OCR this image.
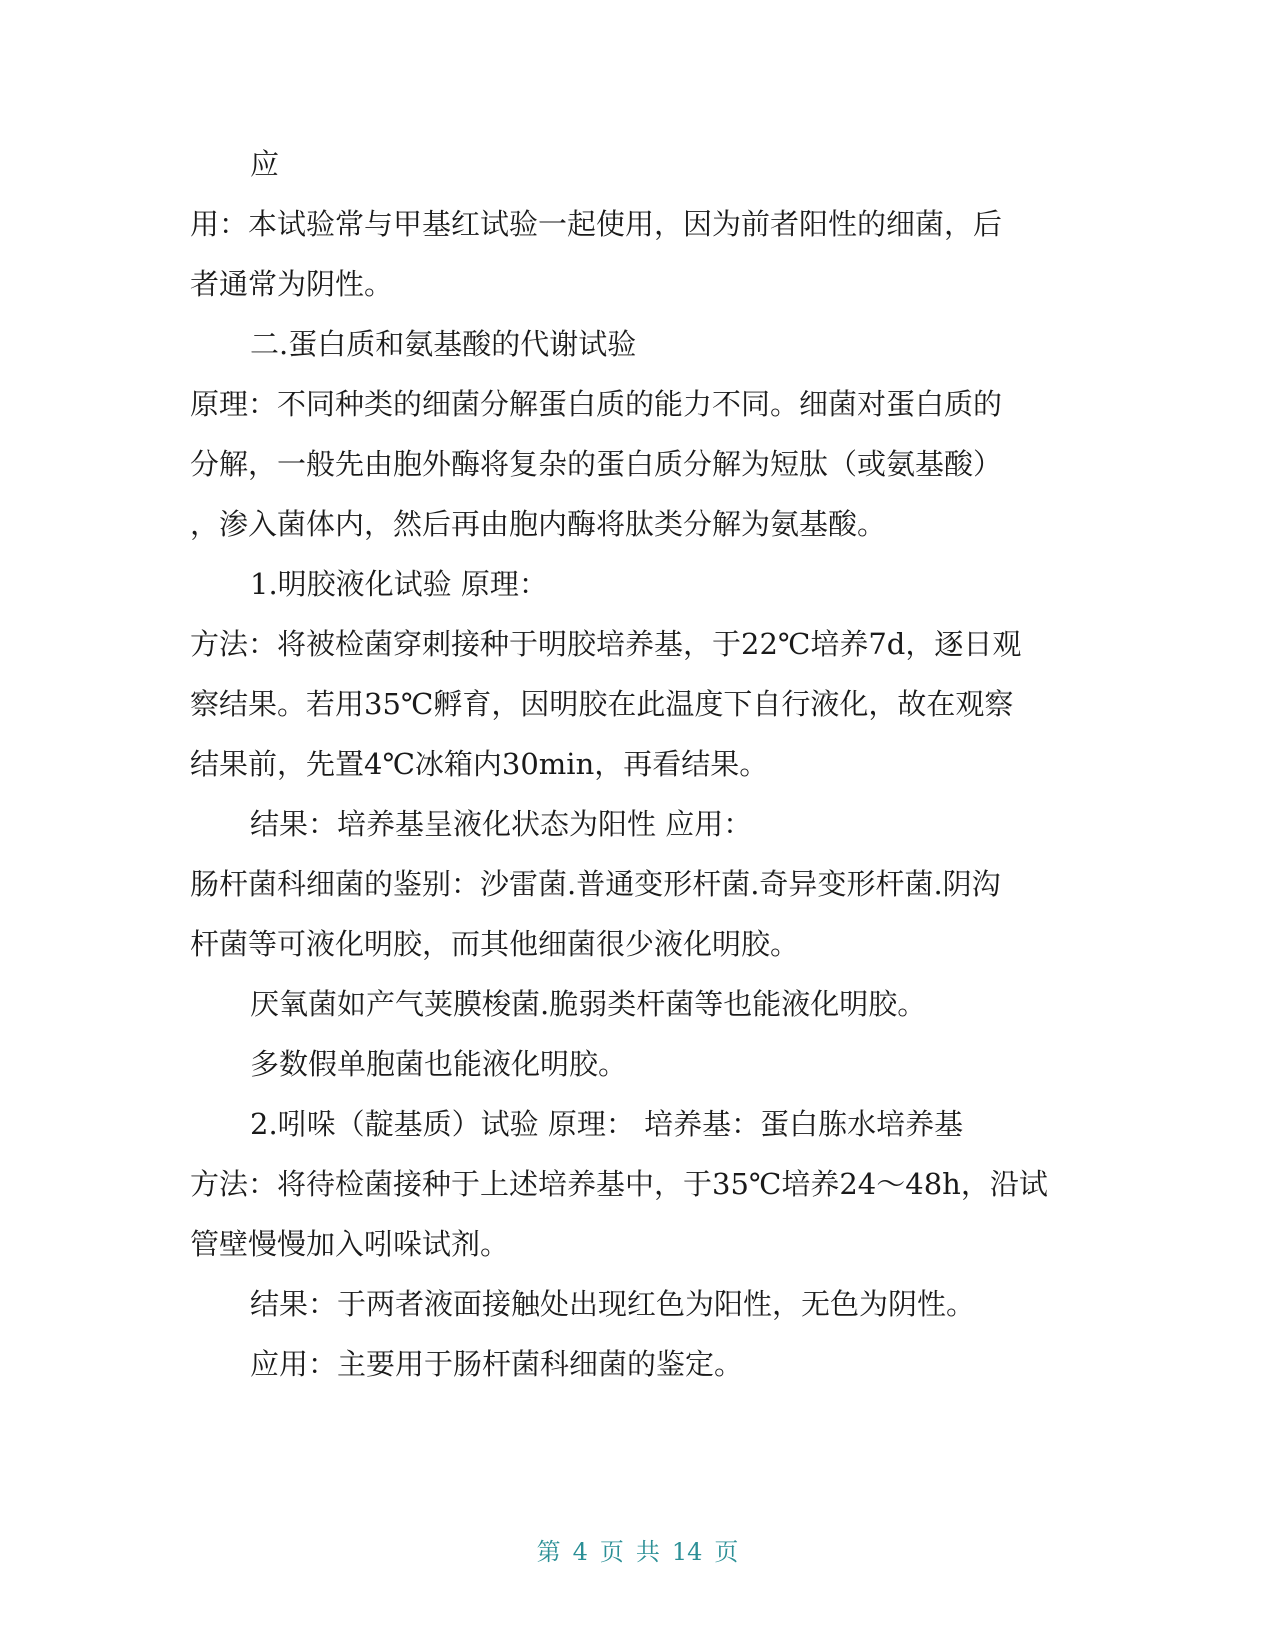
应
用：本试验常与甲基红试验一起使用，因为前者阳性的细菌，后
者通常为阴性。
二.蛋白质和氨基酸的代谢试验
原理：不同种类的细菌分解蛋白质的能力不同。细菌对蛋白质的
分解，一般先由胞外酶将复杂的蛋白质分解为短肽（或氨基酸）
，渗入菌体内，然后再由胞内酶将肽类分解为氨基酸。
1.明胶液化试验 原理：
方法：将被检菌穿刺接种于明胶培养基，于22℃培养7d，逐日观
察结果。若用35℃孵育，因明胶在此温度下自行液化，故在观察
结果前，先置4℃冰箱内30min，再看结果。
结果：培养基呈液化状态为阳性 应用：
肠杆菌科细菌的鉴别：沙雷菌.普通变形杆菌.奇异变形杆菌.阴沟
杆菌等可液化明胶，而其他细菌很少液化明胶。
厌氧菌如产气荚膜梭菌.脆弱类杆菌等也能液化明胶。
多数假单胞菌也能液化明胶。
2.吲哚（靛基质）试验 原理： 培养基：蛋白胨水培养基
方法：将待检菌接种于上述培养基中，于35℃培养24～48h，沿试
管壁慢慢加入吲哚试剂。
结果：于两者液面接触处出现红色为阳性，无色为阴性。
应用：主要用于肠杆菌科细菌的鉴定。
第 4 页 共 14 页
